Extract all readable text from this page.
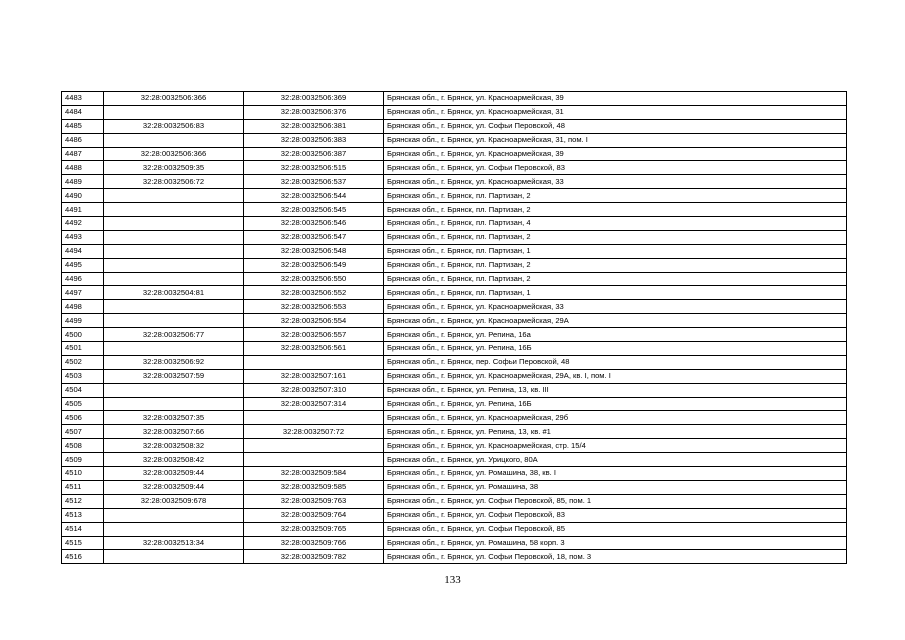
4483	32:28:0032506:366	32:28:0032506:369	Брянская обл., г. Брянск, ул. Красноармейская, 39
4484		32:28:0032506:376	Брянская обл., г. Брянск, ул. Красноармейская, 31
4485	32:28:0032506:83	32:28:0032506:381	Брянская обл., г. Брянск, ул. Софьи Перовской, 48
4486		32:28:0032506:383	Брянская обл., г. Брянск, ул. Красноармейская, 31, пом. I
4487	32:28:0032506:366	32:28:0032506:387	Брянская обл., г. Брянск, ул. Красноармейская, 39
4488	32:28:0032509:35	32:28:0032506:515	Брянская обл., г. Брянск, ул. Софьи Перовской, 83
4489	32:28:0032506:72	32:28:0032506:537	Брянская обл., г. Брянск, ул. Красноармейская, 33
4490		32:28:0032506:544	Брянская обл., г. Брянск, пл. Партизан, 2
4491		32:28:0032506:545	Брянская обл., г. Брянск, пл. Партизан, 2
4492		32:28:0032506:546	Брянская обл., г. Брянск, пл. Партизан, 4
4493		32:28:0032506:547	Брянская обл., г. Брянск, пл. Партизан, 2
4494		32:28:0032506:548	Брянская обл., г. Брянск, пл. Партизан, 1
4495		32:28:0032506:549	Брянская обл., г. Брянск, пл. Партизан, 2
4496		32:28:0032506:550	Брянская обл., г. Брянск, пл. Партизан, 2
4497	32:28:0032504:81	32:28:0032506:552	Брянская обл., г. Брянск, пл. Партизан, 1
4498		32:28:0032506:553	Брянская обл., г. Брянск, ул. Красноармейская, 33
4499		32:28:0032506:554	Брянская обл., г. Брянск, ул. Красноармейская, 29А
4500	32:28:0032506:77	32:28:0032506:557	Брянская обл., г. Брянск, ул. Репина, 16а
4501		32:28:0032506:561	Брянская обл., г. Брянск, ул. Репина, 16Б
4502	32:28:0032506:92		Брянская обл., г. Брянск, пер. Софьи Перовской, 48
4503	32:28:0032507:59	32:28:0032507:161	Брянская обл., г. Брянск, ул. Красноармейская, 29А, кв. I, пом. I
4504		32:28:0032507:310	Брянская обл., г. Брянск, ул. Репина, 13, кв. III
4505		32:28:0032507:314	Брянская обл., г. Брянск, ул. Репина, 16Б
4506	32:28:0032507:35		Брянская обл., г. Брянск, ул. Красноармейская, 29б
4507	32:28:0032507:66	32:28:0032507:72	Брянская обл., г. Брянск, ул. Репина, 13, кв. #1
4508	32:28:0032508:32		Брянская обл., г. Брянск, ул. Красноармейская, стр. 15/4
4509	32:28:0032508:42		Брянская обл., г. Брянск, ул. Урицкого, 80А
4510	32:28:0032509:44	32:28:0032509:584	Брянская обл., г. Брянск, ул. Ромашина, 38, кв. I
4511	32:28:0032509:44	32:28:0032509:585	Брянская обл., г. Брянск, ул. Ромашина, 38
4512	32:28:0032509:678	32:28:0032509:763	Брянская обл., г. Брянск, ул. Софьи Перовской, 85, пом. 1
4513		32:28:0032509:764	Брянская обл., г. Брянск, ул. Софьи Перовской, 83
4514		32:28:0032509:765	Брянская обл., г. Брянск, ул. Софьи Перовской, 85
4515	32:28:0032513:34	32:28:0032509:766	Брянская обл., г. Брянск, ул. Ромашина, 58 корп. 3
4516		32:28:0032509:782	Брянская обл., г. Брянск, ул. Софьи Перовской, 18, пом. 3
133
